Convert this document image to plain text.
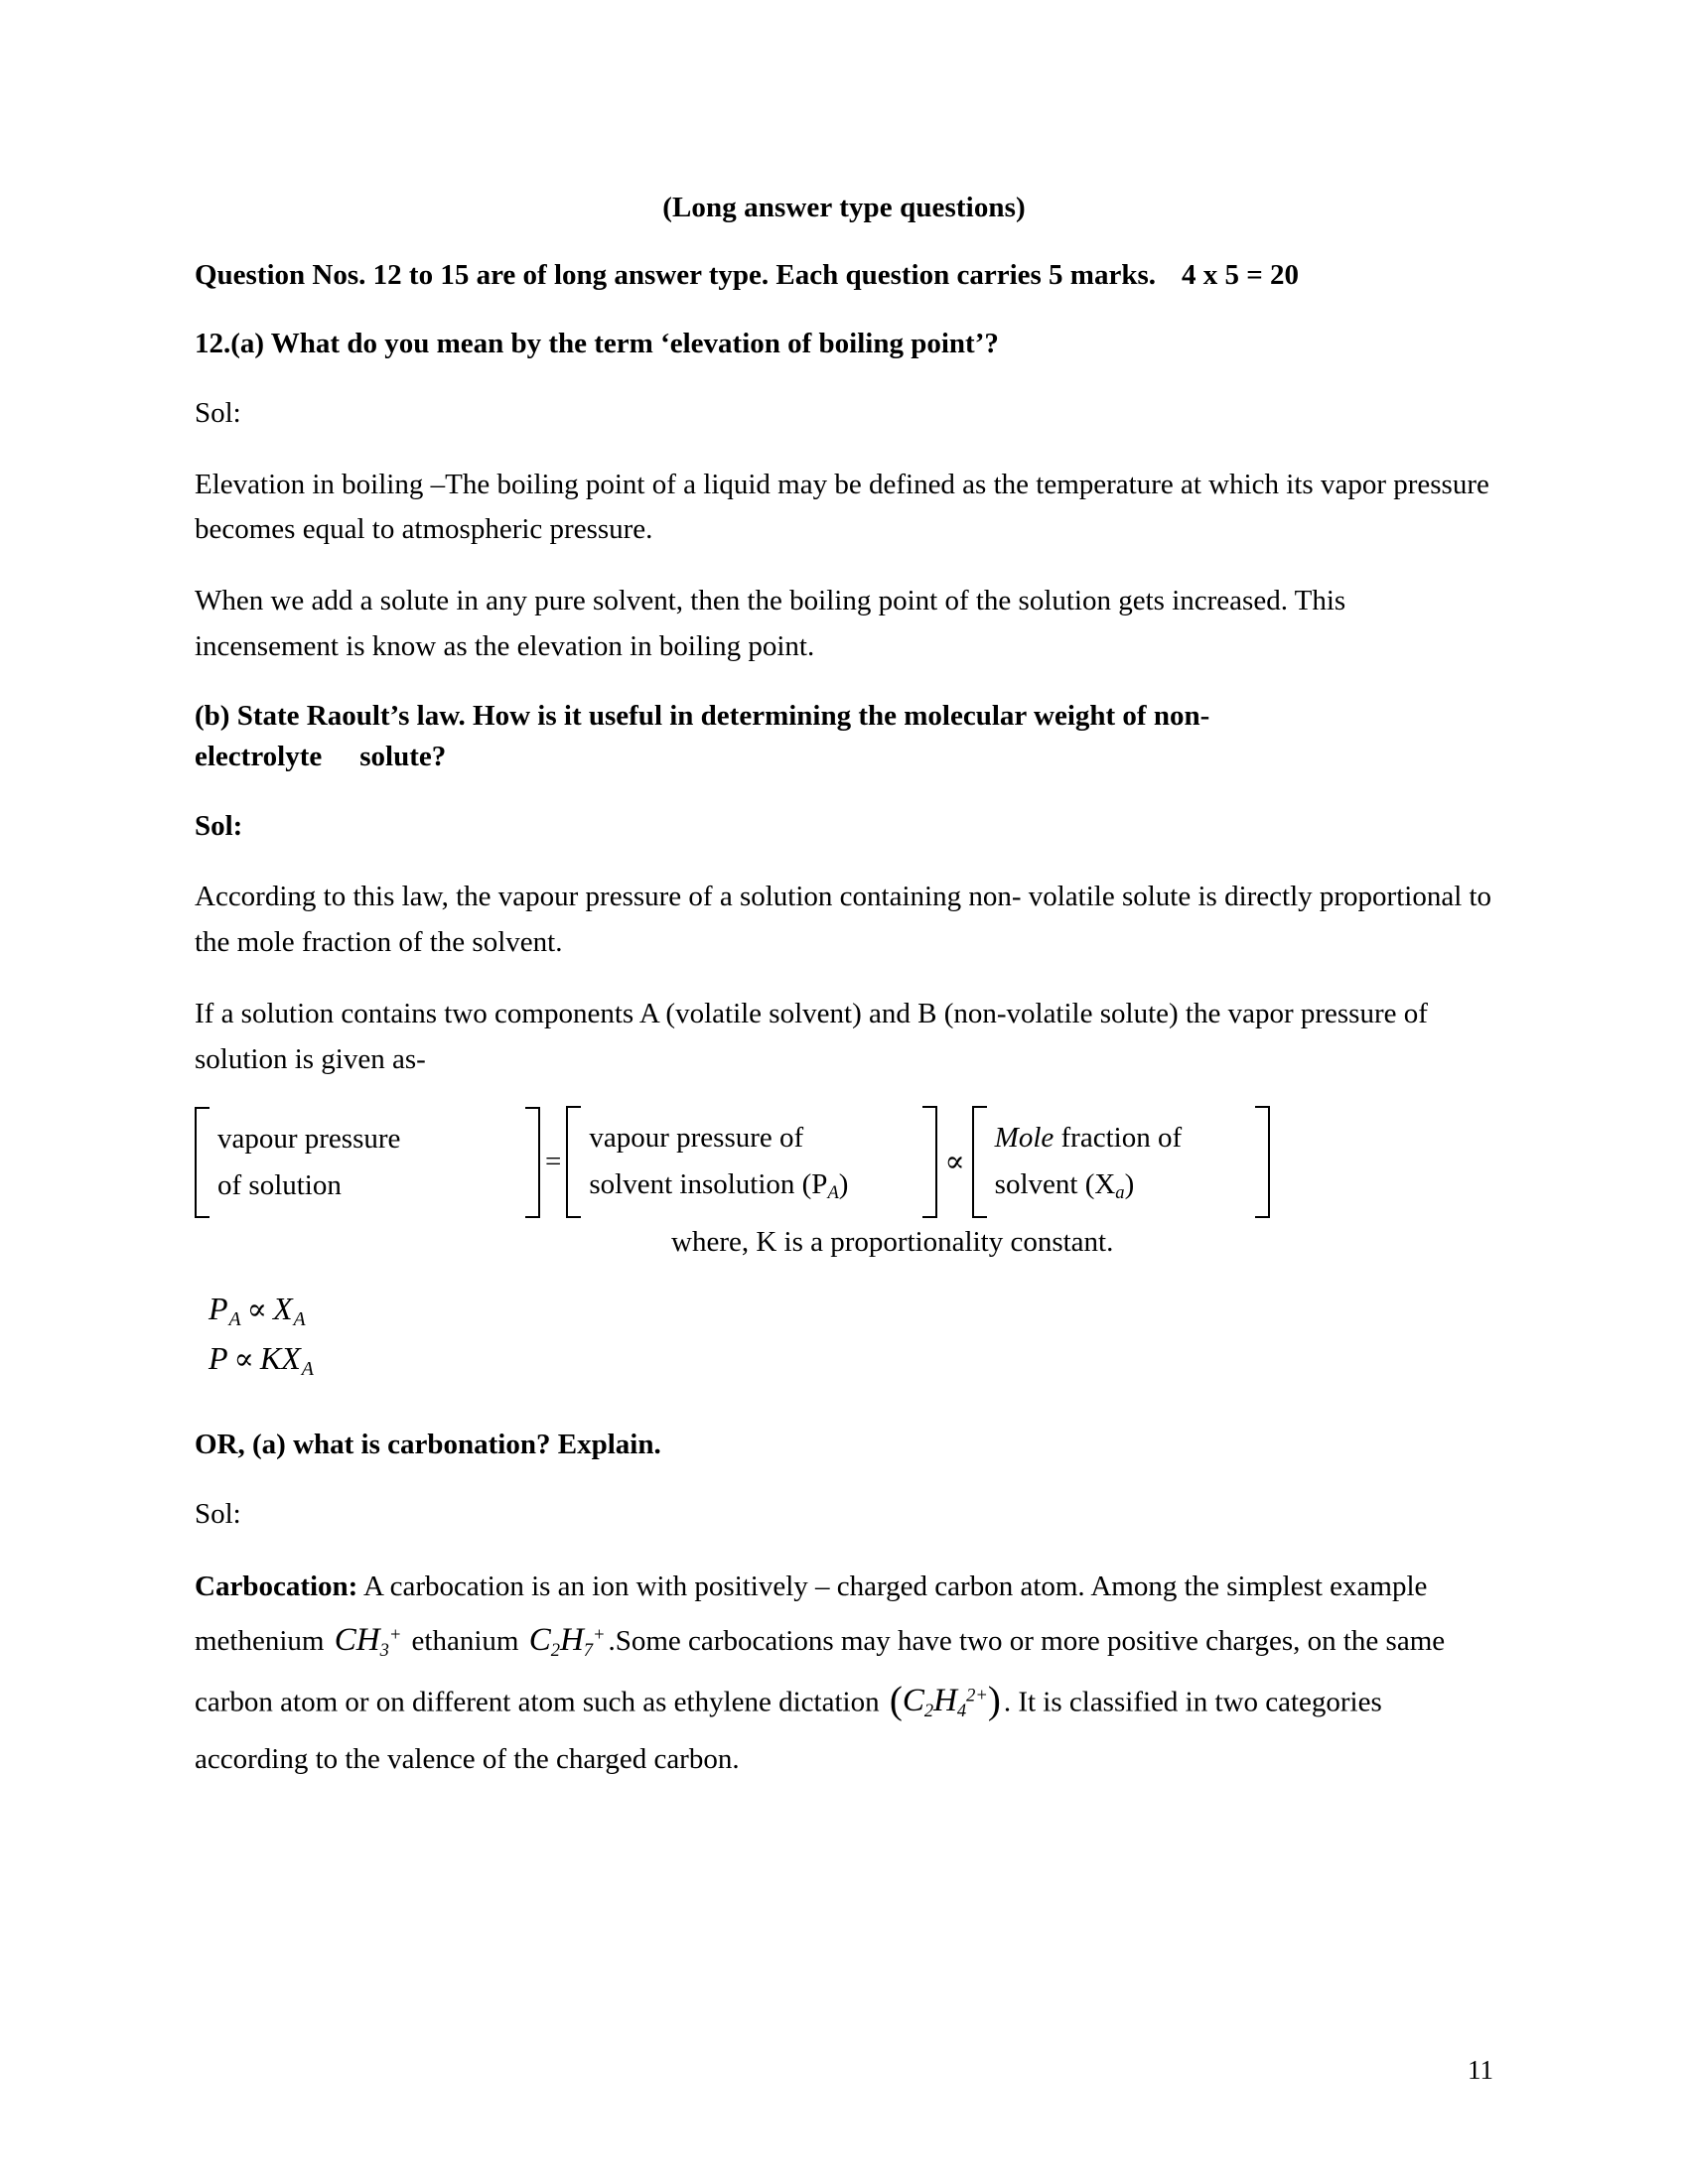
(Long answer type questions)
Question Nos. 12 to 15 are of long answer type. Each question carries 5 marks. 4 x 5 = 20
12.(a) What do you mean by the term ‘elevation of boiling point’?
Sol:
Elevation in boiling –The boiling point of a liquid may be defined as the temperature at which its vapor pressure becomes equal to atmospheric pressure.
When we add a solute in any pure solvent, then the boiling point of the solution gets increased. This incensement is know as the elevation in boiling point.
(b) State Raoult’s law. How is it useful in determining the molecular weight of non-
electrolyte solute?
Sol:
According to this law, the vapour pressure of a solution containing non- volatile solute is directly proportional to the mole fraction of the solvent.
If a solution contains two components A (volatile solvent) and B (non-volatile solute) the vapor pressure of solution is given as-
vapour pressure
of solution
=
vapour pressure of
solvent insolution $(P_A)$
∝
Mole fraction of
solvent $(X_a)$
where, K is a proportionality constant.
$P_A \propto X_A$
$P \propto KX_A$
OR, (a) what is carbonation? Explain.
Sol:
Carbocation: A carbocation is an ion with positively – charged carbon atom. Among the simplest example methenium $CH_3^+$ ethanium $C_2H_7^+$ .Some carbocations may have two or more positive charges, on the same carbon atom or on different atom such as ethylene dictation $(C_2H_4^{2+})$ . It is classified in two categories according to the valence of the charged carbon.
11
